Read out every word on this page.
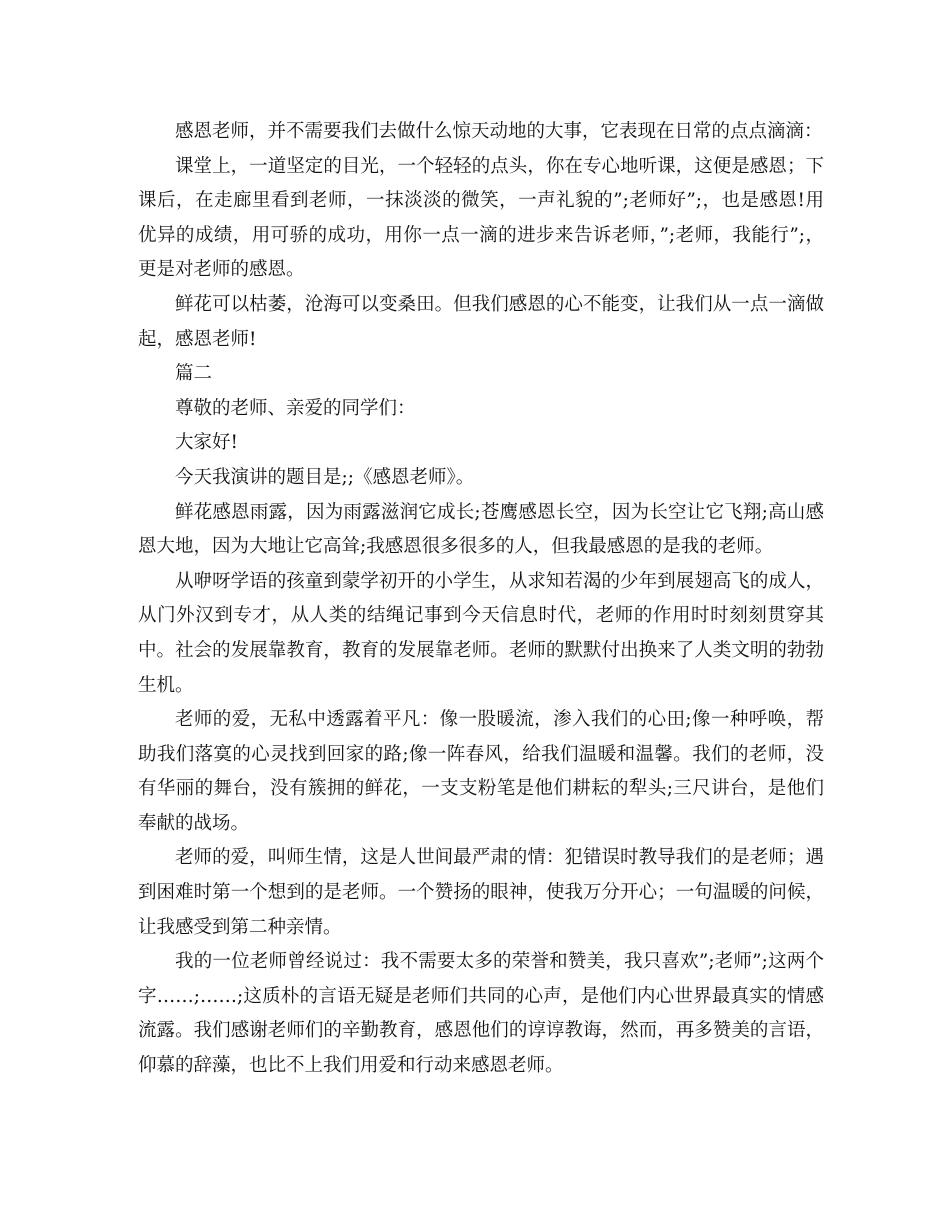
感恩老师，并不需要我们去做什么惊天动地的大事，它表现在日常的点点滴滴：

课堂上，一道坚定的目光，一个轻轻的点头，你在专心地听课，这便是感恩；下课后，在走廊里看到老师，一抹淡淡的微笑，一声礼貌的”;老师好”;，也是感恩!用优异的成绩，用可骄的成功，用你一点一滴的进步来告诉老师，”;老师，我能行”;，更是对老师的感恩。

鲜花可以枯萎，沧海可以变桑田。但我们感恩的心不能变，让我们从一点一滴做起，感恩老师!

篇二

尊敬的老师、亲爱的同学们：

大家好!

今天我演讲的题目是;;《感恩老师》。

鲜花感恩雨露，因为雨露滋润它成长;苍鹰感恩长空，因为长空让它飞翔;高山感恩大地，因为大地让它高耸;我感恩很多很多的人，但我最感恩的是我的老师。

从咿呀学语的孩童到蒙学初开的小学生，从求知若渴的少年到展翅高飞的成人，从门外汉到专才，从人类的结绳记事到今天信息时代，老师的作用时时刻刻贯穿其中。社会的发展靠教育，教育的发展靠老师。老师的默默付出换来了人类文明的勃勃生机。

老师的爱，无私中透露着平凡：像一股暖流，渗入我们的心田;像一种呼唤，帮助我们落寞的心灵找到回家的路;像一阵春风，给我们温暖和温馨。我们的老师，没有华丽的舞台，没有簇拥的鲜花，一支支粉笔是他们耕耘的犁头;三尺讲台，是他们奉献的战场。

老师的爱，叫师生情，这是人世间最严肃的情：犯错误时教导我们的是老师；遇到困难时第一个想到的是老师。一个赞扬的眼神，使我万分开心；一句温暖的问候，让我感受到第二种亲情。

我的一位老师曾经说过：我不需要太多的荣誉和赞美，我只喜欢”;老师”;这两个字……;……;这质朴的言语无疑是老师们共同的心声，是他们内心世界最真实的情感流露。我们感谢老师们的辛勤教育，感恩他们的谆谆教诲，然而，再多赞美的言语，仰慕的辞藻，也比不上我们用爱和行动来感恩老师。
